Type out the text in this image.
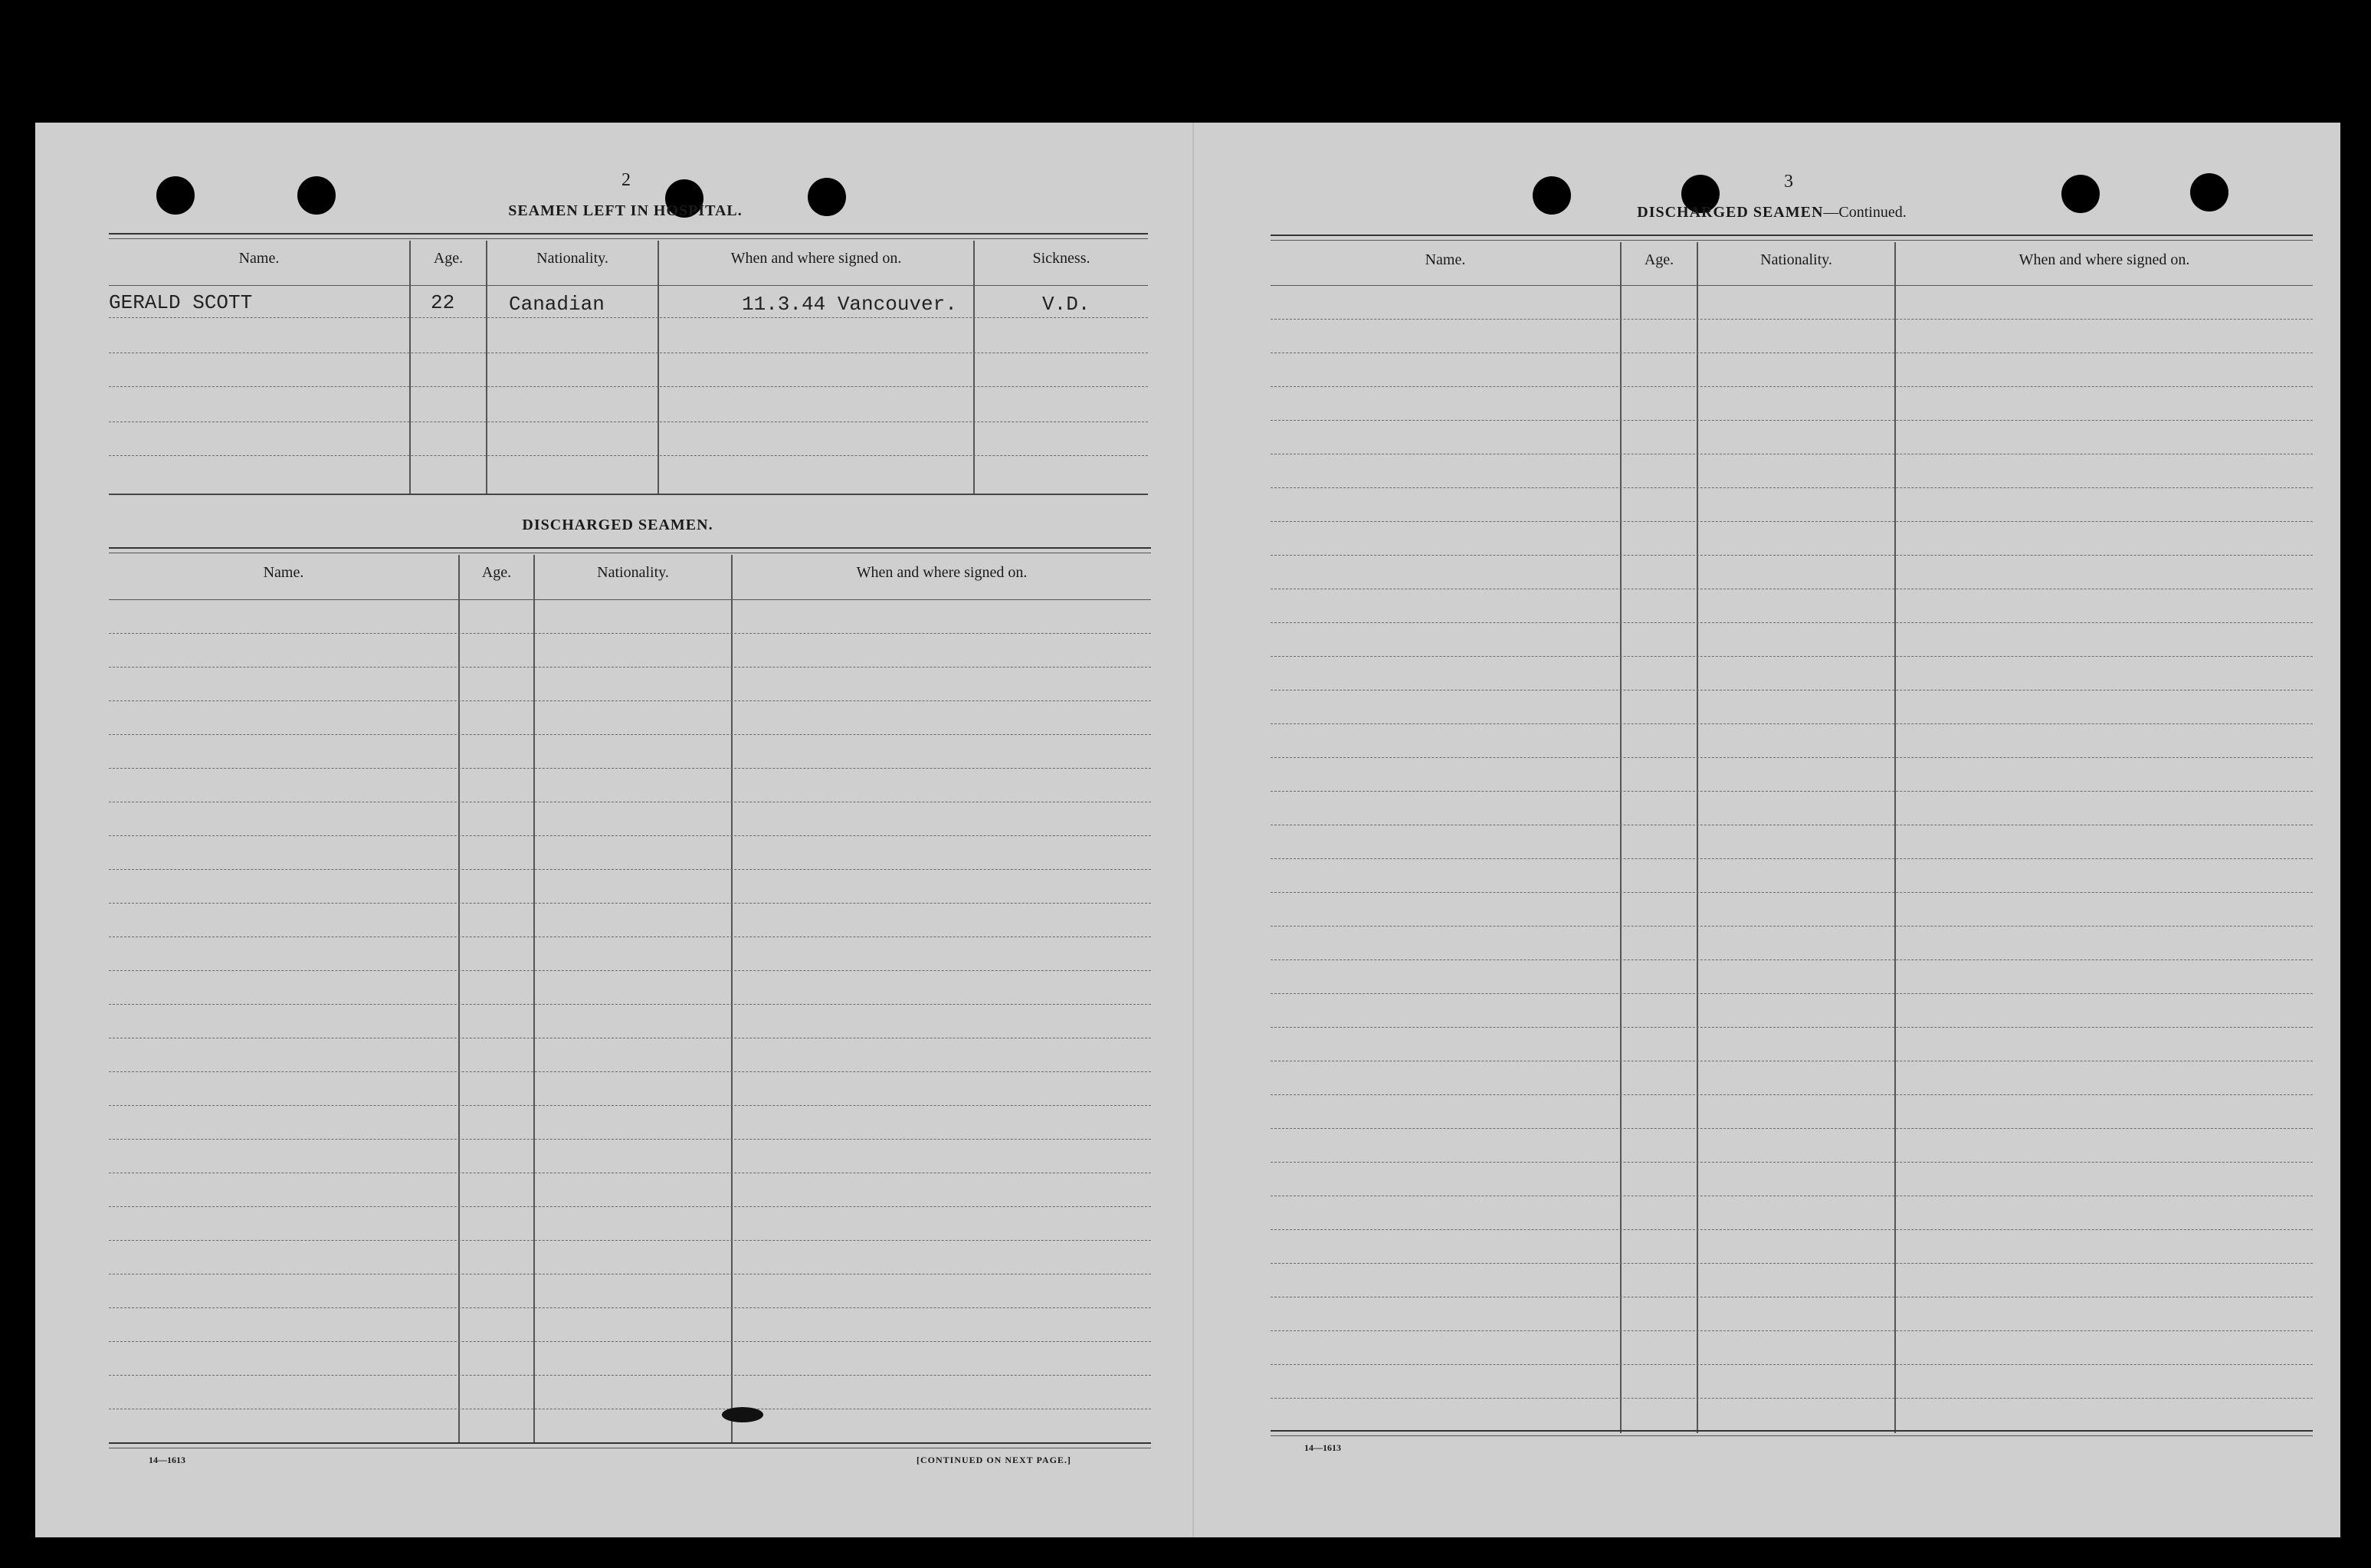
2
SEAMEN LEFT IN HOSPITAL.
Name.	Age.	Nationality.	When and where signed on.	Sickness.
GERALD SCOTT	22	Canadian	11.3.44 Vancouver.	V.D.
DISCHARGED SEAMEN.
Name.	Age.	Nationality.	When and where signed on.
14—1613	[CONTINUED ON NEXT PAGE.]
3
DISCHARGED SEAMEN—Continued.
Name.	Age.	Nationality.	When and where signed on.
14—1613
